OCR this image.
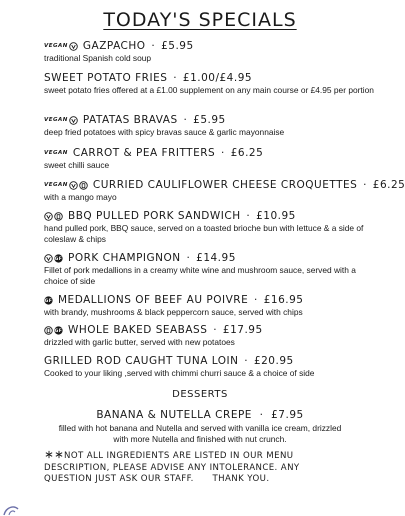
TODAY'S SPECIALS
VEGAN GAZPACHO · £5.95
traditional Spanish cold soup
SWEET POTATO FRIES · £1.00/£4.95
sweet potato fries offered at a £1.00 supplement on any main course or £4.95 per portion
VEGAN PATATAS BRAVAS · £5.95
deep fried potatoes with spicy bravas sauce & garlic mayonnaise
VEGAN CARROT & PEA FRITTERS · £6.25
sweet chilli sauce
VEGAN CURRIED CAULIFLOWER CHEESE CROQUETTES · £6.25
with a mango mayo
BBQ PULLED PORK SANDWICH · £10.95
hand pulled pork, BBQ sauce, served on a toasted brioche bun with lettuce & a side of coleslaw & chips
GF PORK CHAMPIGNON · £14.95
Fillet of pork medallions in a creamy white wine and mushroom sauce, served with a choice of side
GF MEDALLIONS OF BEEF AU POIVRE · £16.95
with brandy, mushrooms & black peppercorn sauce, served with chips
GF WHOLE BAKED SEABASS · £17.95
drizzled with garlic butter, served with new potatoes
GRILLED ROD CAUGHT TUNA LOIN · £20.95
Cooked to your liking ,served with chimmi churri sauce & a choice of side
DESSERTS
BANANA & NUTELLA CREPE  ·  £7.95
filled with hot banana and Nutella and served with vanilla ice cream, drizzled with more Nutella and finished with nut crunch.
NOT ALL INGREDIENTS ARE LISTED IN OUR MENU DESCRIPTION, PLEASE ADVISE ANY INTOLERANCE. ANY QUESTION JUST ASK OUR STAFF.      THANK YOU.
